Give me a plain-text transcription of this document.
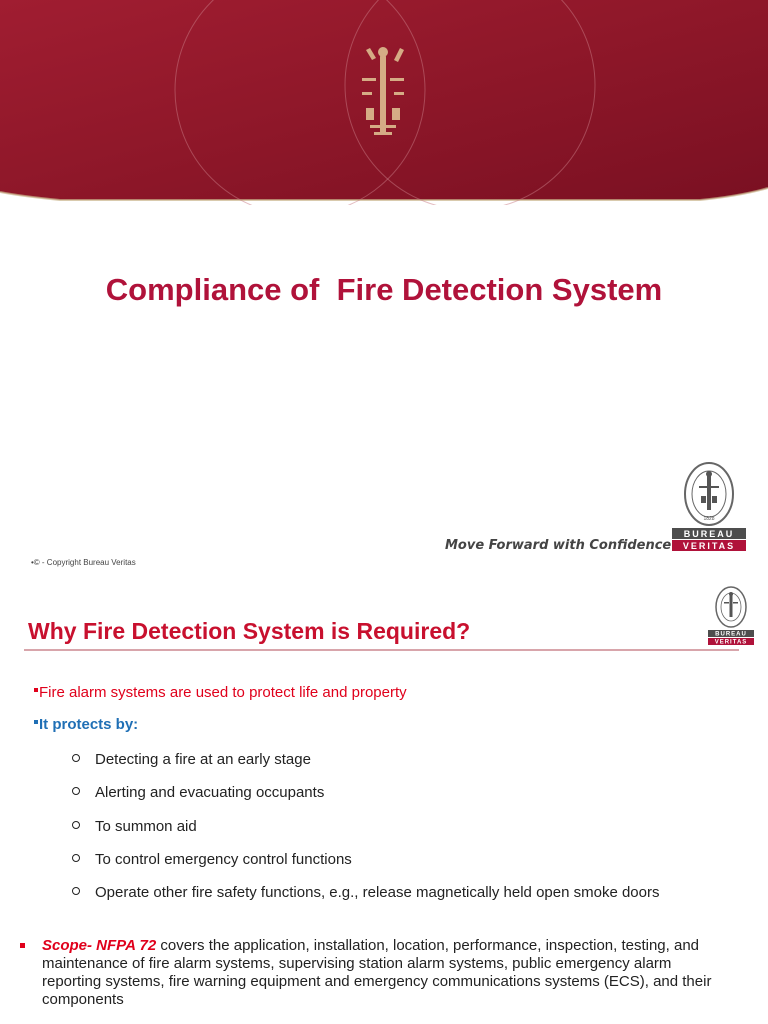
Compliance of  Fire Detection System
Move Forward with Confidence
1828
BUREAU
VERITAS
•© - Copyright Bureau Veritas
Why Fire Detection System is Required?	BUREAU
VERITAS
Fire alarm systems are used to protect life and property
It protects by:
Detecting a fire at an early stage
Alerting and evacuating occupants
To summon aid
To control emergency control functions
Operate other fire safety functions, e.g., release magnetically held open smoke doors
Scope- NFPA 72 covers the application, installation, location, performance, inspection, testing, and maintenance of fire alarm systems, supervising station alarm systems, public emergency alarm reporting systems, fire warning equipment and emergency communications systems (ECS), and their components
